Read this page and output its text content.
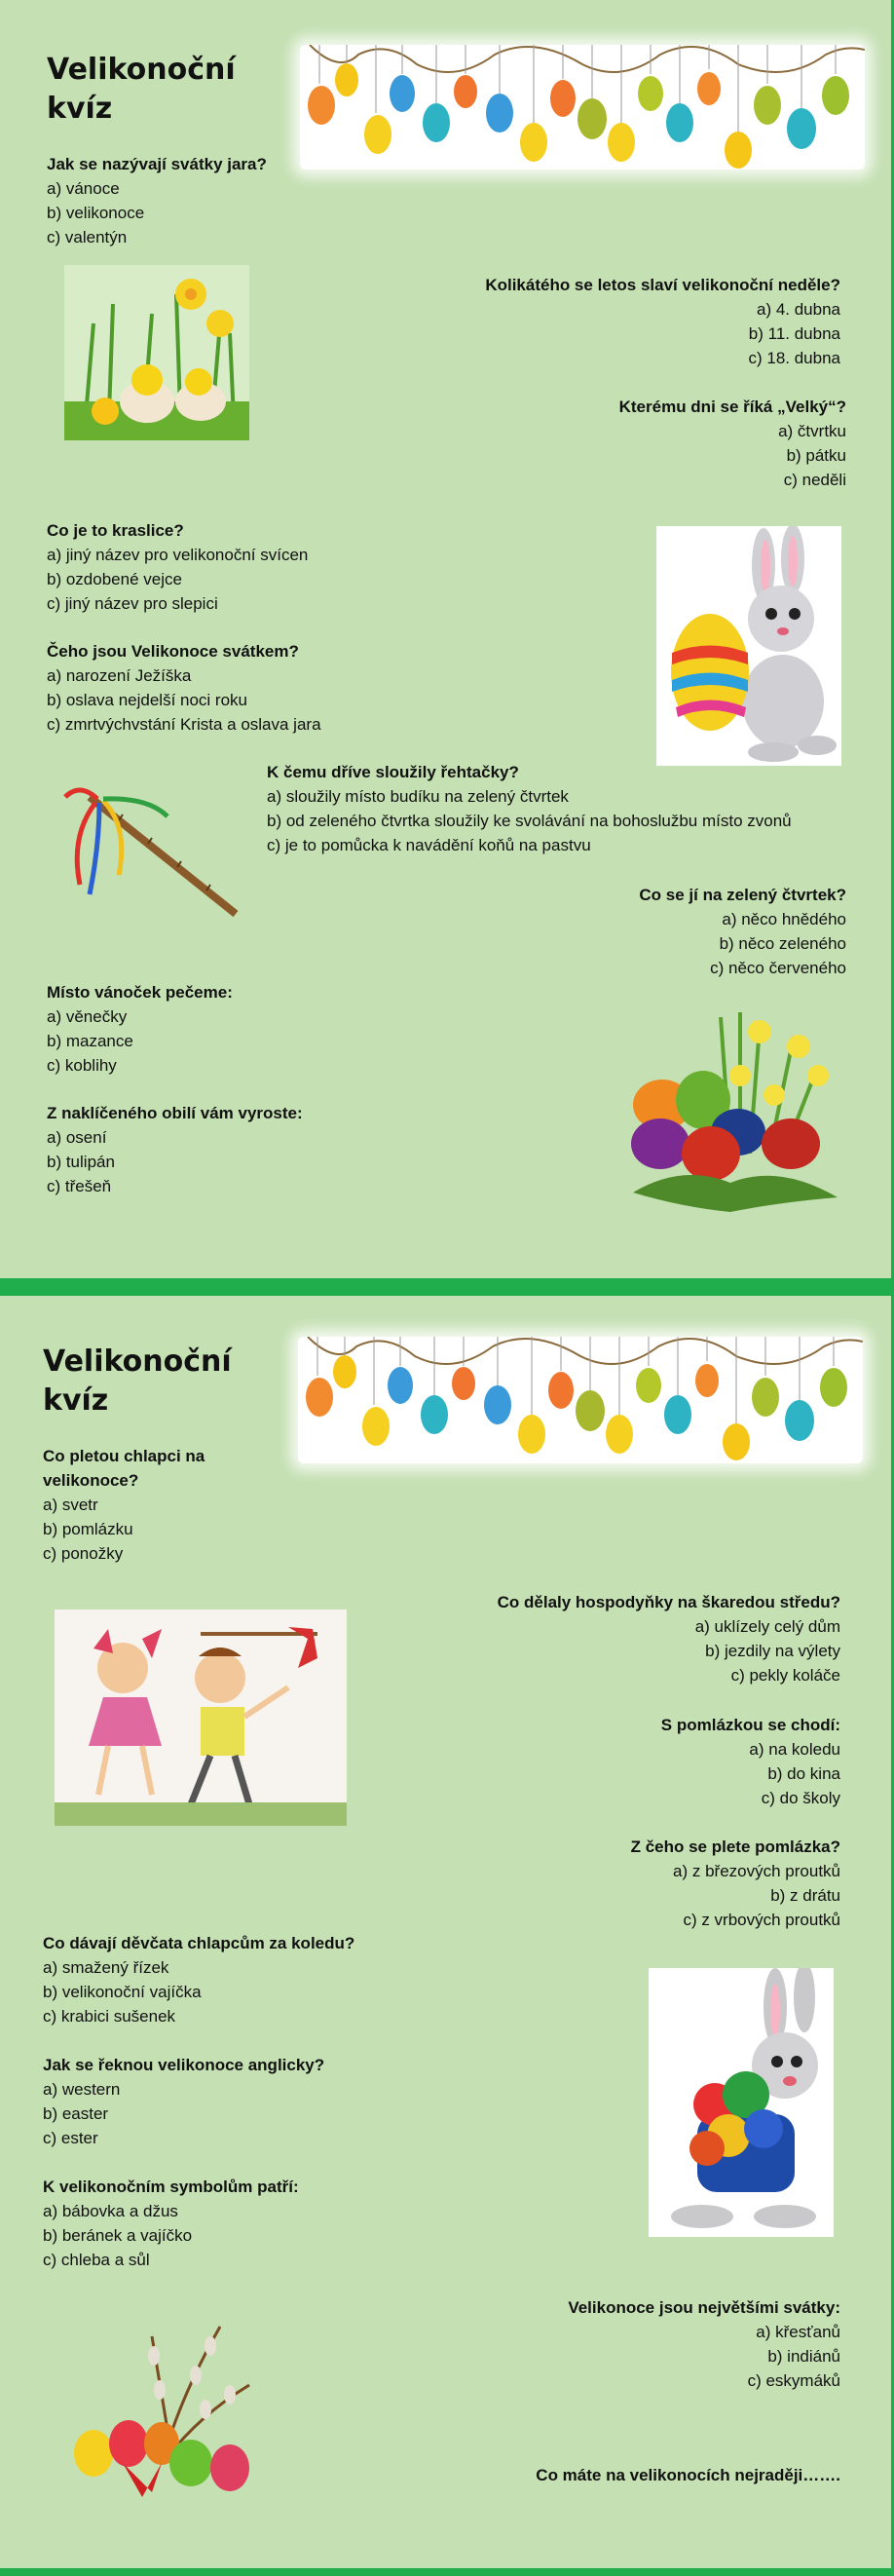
Velikonoční
kvíz
Jak se nazývají svátky jara?
a) vánoce
b) velikonoce
c) valentýn
Kolikátého se letos slaví velikonoční neděle?
a) 4. dubna
b) 11. dubna
c) 18. dubna
Kterému dni se říká „Velký“?
a) čtvrtku
b) pátku
c) neděli
Co je to kraslice?
a) jiný název pro velikonoční svícen
b) ozdobené vejce
c) jiný název pro slepici
Čeho jsou Velikonoce svátkem?
a) narození Ježíška
b) oslava nejdelší noci roku
c) zmrtvýchvstání Krista a oslava jara
K čemu dříve sloužily řehtačky?
a) sloužily místo budíku na zelený čtvrtek
b) od zeleného čtvrtka sloužily ke svolávání na bohoslužbu místo zvonů
c) je to pomůcka k navádění koňů na pastvu
Co se jí na zelený čtvrtek?
a) něco hnědého
b) něco zeleného
c) něco červeného
Místo vánoček pečeme:
a) věnečky
b) mazance
c) koblihy
Z naklíčeného obilí vám vyroste:
a) osení
b) tulipán
c) třešeň
Velikonoční
kvíz
Co pletou chlapci na velikonoce?
a) svetr
b) pomlázku
c) ponožky
Co dělaly hospodyňky na škaredou středu?
a) uklízely celý dům
b) jezdily na výlety
c) pekly koláče
S pomlázkou se chodí:
a) na koledu
b) do kina
c) do školy
Z čeho se plete pomlázka?
a) z březových proutků
b) z drátu
c) z vrbových proutků
Co dávají děvčata chlapcům za koledu?
a) smažený řízek
b) velikonoční vajíčka
c) krabici sušenek
Jak se řeknou velikonoce anglicky?
a) western
b) easter
c) ester
K velikonočním symbolům patří:
a) bábovka a džus
b) beránek a vajíčko
c) chleba a sůl
Velikonoce jsou největšími svátky:
a) křesťanů
b) indiánů
c) eskymáků
Co máte na velikonocích nejraději…….
